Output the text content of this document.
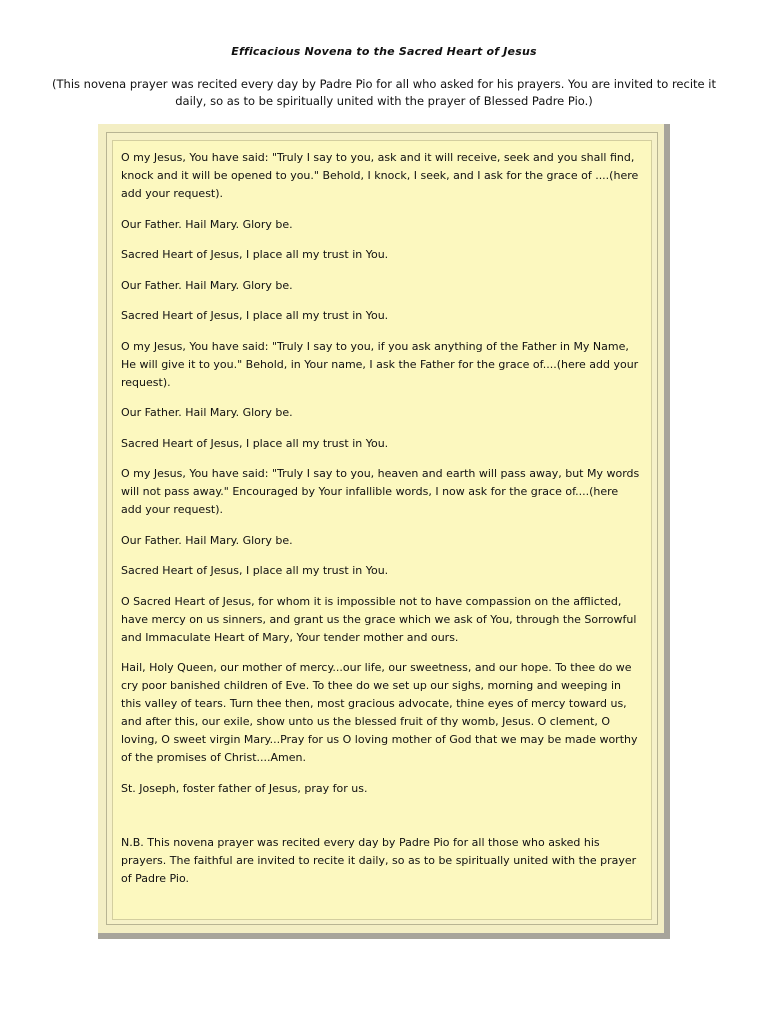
Efficacious Novena to the Sacred Heart of Jesus
(This novena prayer was recited every day by Padre Pio for all who asked for his prayers. You are invited to recite it daily, so as to be spiritually united with the prayer of Blessed Padre Pio.)

O my Jesus, You have said: "Truly I say to you, ask and it will receive, seek and you shall find, knock and it will be opened to you." Behold, I knock, I seek, and I ask for the grace of ....(here add your request).

Our Father. Hail Mary. Glory be.

Sacred Heart of Jesus, I place all my trust in You.

Our Father. Hail Mary. Glory be.

Sacred Heart of Jesus, I place all my trust in You.

O my Jesus, You have said: "Truly I say to you, if you ask anything of the Father in My Name, He will give it to you." Behold, in Your name, I ask the Father for the grace of....(here add your request).

Our Father. Hail Mary. Glory be.

Sacred Heart of Jesus, I place all my trust in You.

O my Jesus, You have said: "Truly I say to you, heaven and earth will pass away, but My words will not pass away." Encouraged by Your infallible words, I now ask for the grace of....(here add your request).

Our Father. Hail Mary. Glory be.

Sacred Heart of Jesus, I place all my trust in You.

O Sacred Heart of Jesus, for whom it is impossible not to have compassion on the afflicted, have mercy on us sinners, and grant us the grace which we ask of You, through the Sorrowful and Immaculate Heart of Mary, Your tender mother and ours.

Hail, Holy Queen, our mother of mercy...our life, our sweetness, and our hope. To thee do we cry poor banished children of Eve. To thee do we set up our sighs, morning and weeping in this valley of tears. Turn thee then, most gracious advocate, thine eyes of mercy toward us, and after this, our exile, show unto us the blessed fruit of thy womb, Jesus. O clement, O loving, O sweet virgin Mary...Pray for us O loving mother of God that we may be made worthy of the promises of Christ....Amen.

St. Joseph, foster father of Jesus, pray for us.

N.B. This novena prayer was recited every day by Padre Pio for all those who asked his prayers. The faithful are invited to recite it daily, so as to be spiritually united with the prayer of Padre Pio.
